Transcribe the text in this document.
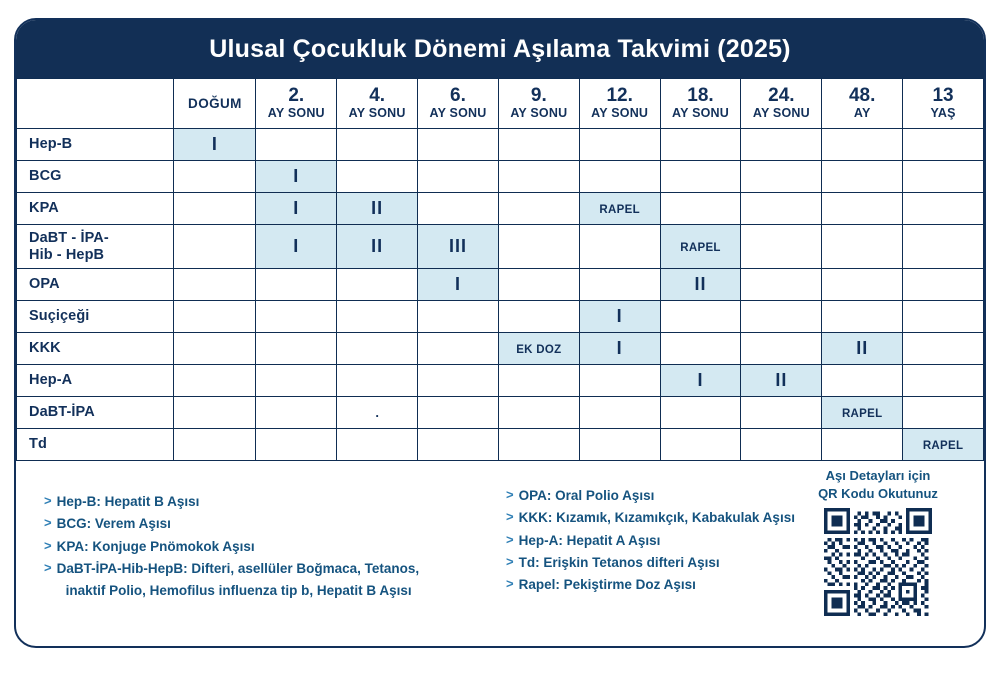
Ulusal Çocukluk Dönemi Aşılama Takvimi (2025)
	DOĞUM	2.
AY SONU	4.
AY SONU	6.
AY SONU	9.
AY SONU	12.
AY SONU	18.
AY SONU	24.
AY SONU	48.
AY	13
YAŞ

Hep-B	I									
BCG		I								
KPA		I	II			RAPEL				
DaBT - İPA-
Hib - HepB		I	II	III			RAPEL			
OPA				I			II			
Suçiçeği						I				
KKK					EK DOZ	I			II	
Hep-A							I	II		
DaBT-İPA			.						RAPEL	
Td										RAPEL
> Hep-B: Hepatit B Aşısı
> BCG: Verem Aşısı
> KPA: Konjuge Pnömokok Aşısı
> DaBT-İPA-Hib-HepB: Difteri, asellüler Boğmaca, Tetanos,
inaktif Polio, Hemofilus influenza tip b, Hepatit B Aşısı
> OPA: Oral Polio Aşısı
> KKK: Kızamık, Kızamıkçık, Kabakulak Aşısı
> Hep-A: Hepatit A Aşısı
> Td: Erişkin Tetanos difteri Aşısı
> Rapel: Pekiştirme Doz Aşısı
Aşı Detayları için
QR Kodu Okutunuz
